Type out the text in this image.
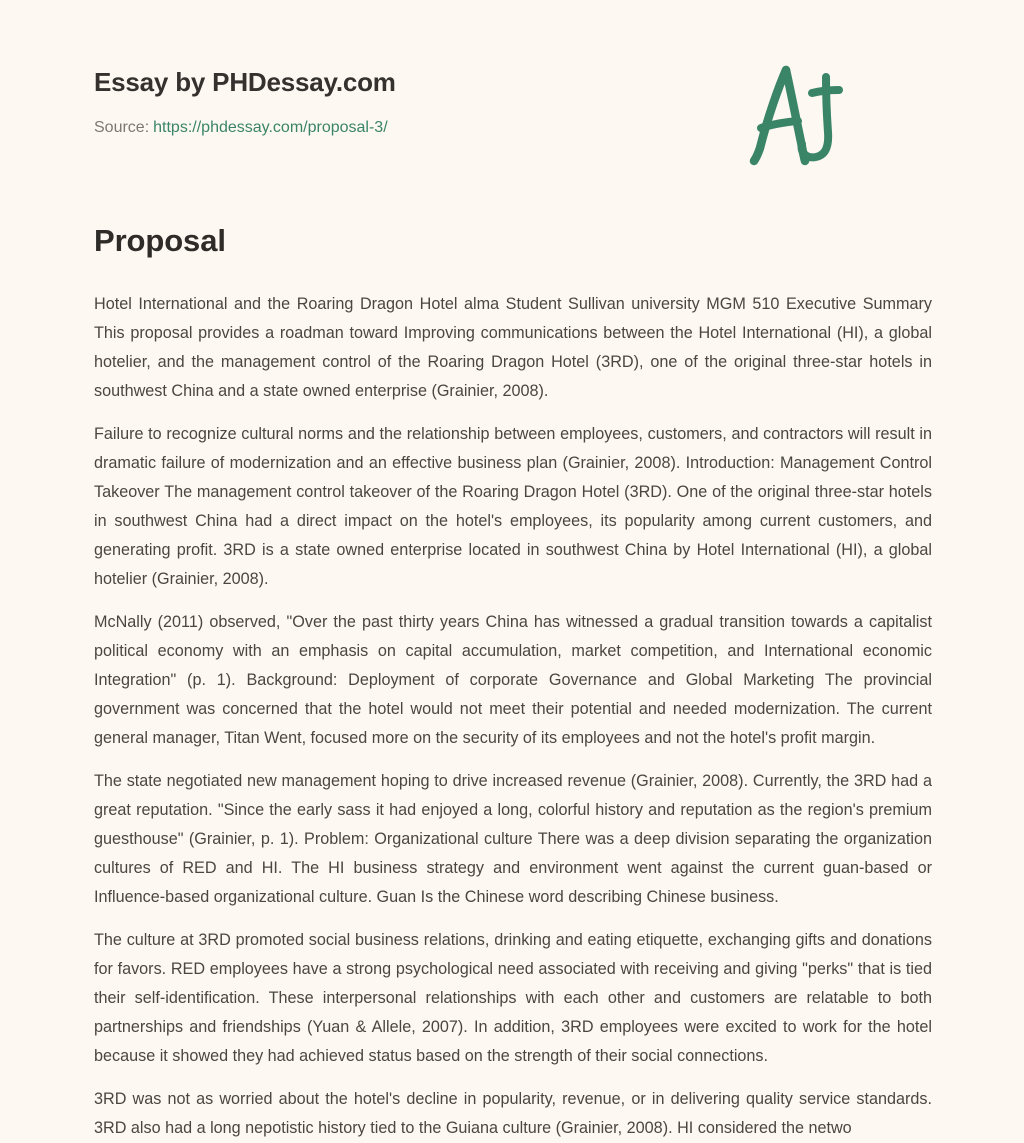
Essay by PHDessay.com
Source: https://phdessay.com/proposal-3/
Proposal

Hotel International and the Roaring Dragon Hotel alma Student Sullivan university MGM 510 Executive Summary This proposal provides a roadman toward Improving communications between the Hotel International (HI), a global hotelier, and the management control of the Roaring Dragon Hotel (3RD), one of the original three-star hotels in southwest China and a state owned enterprise (Grainier, 2008).

Failure to recognize cultural norms and the relationship between employees, customers, and contractors will result in dramatic failure of modernization and an effective business plan (Grainier, 2008). Introduction: Management Control Takeover The management control takeover of the Roaring Dragon Hotel (3RD). One of the original three-star hotels in southwest China had a direct impact on the hotel's employees, its popularity among current customers, and generating profit. 3RD is a state owned enterprise located in southwest China by Hotel International (HI), a global hotelier (Grainier, 2008).

McNally (2011) observed, "Over the past thirty years China has witnessed a gradual transition towards a capitalist political economy with an emphasis on capital accumulation, market competition, and International economic Integration" (p. 1). Background: Deployment of corporate Governance and Global Marketing The provincial government was concerned that the hotel would not meet their potential and needed modernization. The current general manager, Titan Went, focused more on the security of its employees and not the hotel's profit margin.

The state negotiated new management hoping to drive increased revenue (Grainier, 2008). Currently, the 3RD had a great reputation. "Since the early sass it had enjoyed a long, colorful history and reputation as the region's premium guesthouse" (Grainier, p. 1). Problem: Organizational culture There was a deep division separating the organization cultures of RED and HI. The HI business strategy and environment went against the current guan-based or Influence-based organizational culture. Guan Is the Chinese word describing Chinese business.

The culture at 3RD promoted social business relations, drinking and eating etiquette, exchanging gifts and donations for favors. RED employees have a strong psychological need associated with receiving and giving "perks" that is tied their self-identification. These interpersonal relationships with each other and customers are relatable to both partnerships and friendships (Yuan & Allele, 2007). In addition, 3RD employees were excited to work for the hotel because it showed they had achieved status based on the strength of their social connections.

3RD was not as worried about the hotel's decline in popularity, revenue, or in delivering quality service standards. 3RD also had a long nepotistic history tied to the Guiana culture (Grainier, 2008). HI considered the netwo
